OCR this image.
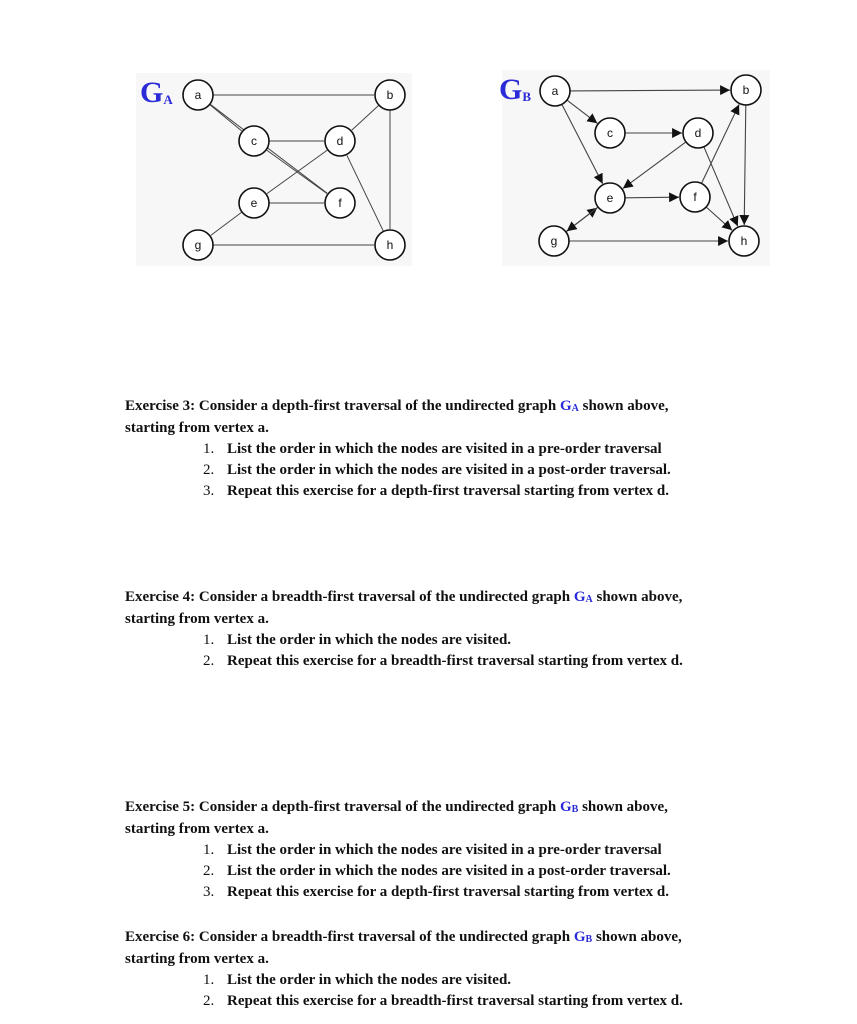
a	b
c	d
e	f
g	h
$G_A$
a	b
c	d
e	f
g	h
$G_B$

Exercise 3: Consider a depth-first traversal of the undirected graph $G_A$ shown above,

starting from vertex a.

1. List the order in which the nodes are visited in a pre-order traversal
2. List the order in which the nodes are visited in a post-order traversal.
3. Repeat this exercise for a depth-first traversal starting from vertex d.

Exercise 4: Consider a breadth-first traversal of the undirected graph $G_A$ shown above,

starting from vertex a.

1. List the order in which the nodes are visited.
2. Repeat this exercise for a breadth-first traversal starting from vertex d.

Exercise 5: Consider a depth-first traversal of the undirected graph $G_B$ shown above,

starting from vertex a.

1. List the order in which the nodes are visited in a pre-order traversal
2. List the order in which the nodes are visited in a post-order traversal.
3. Repeat this exercise for a depth-first traversal starting from vertex d.

Exercise 6: Consider a breadth-first traversal of the undirected graph $G_B$ shown above,

starting from vertex a.

1. List the order in which the nodes are visited.
2. Repeat this exercise for a breadth-first traversal starting from vertex d.
